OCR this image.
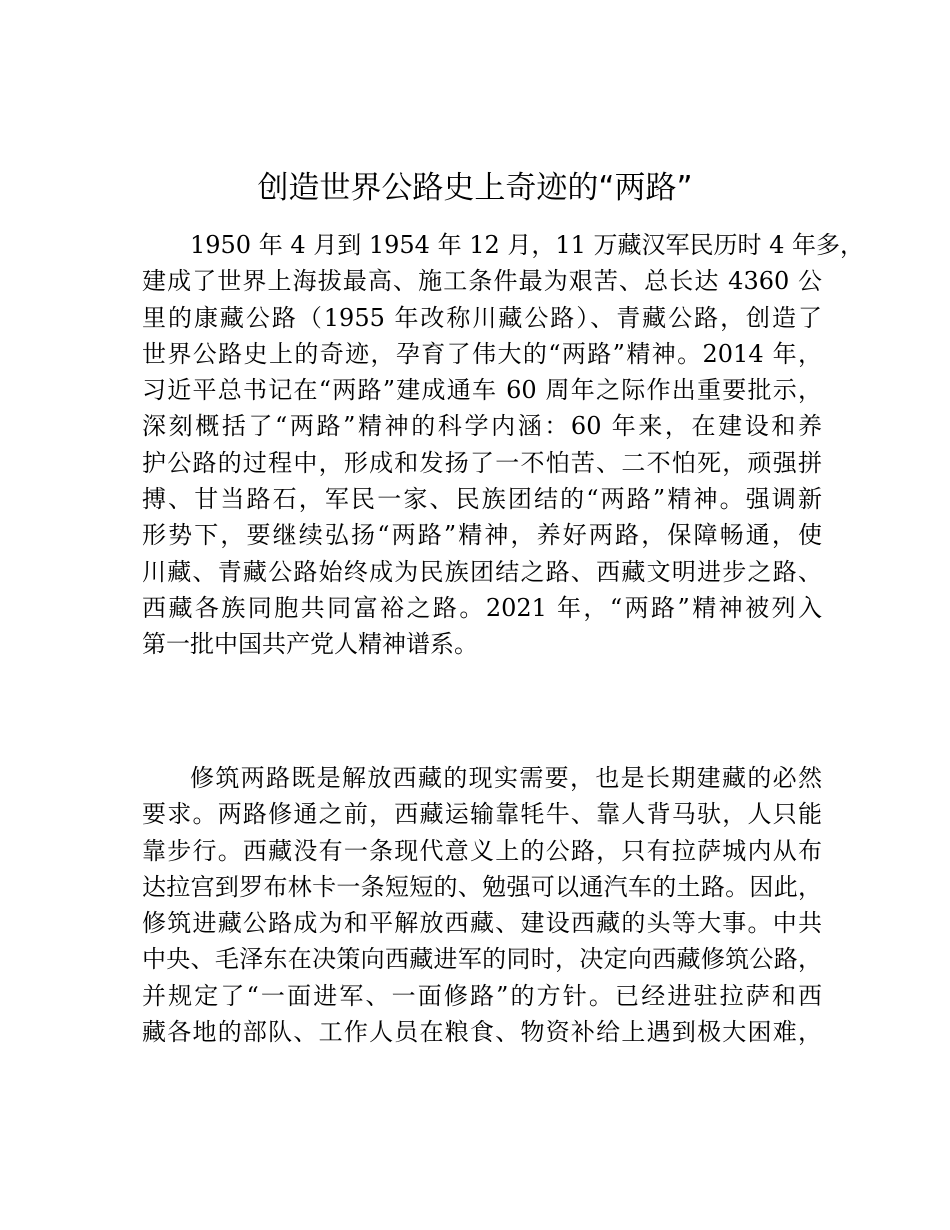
创造世界公路史上奇迹的“两路”
1950 年 4 月到 1954 年 12 月，11 万藏汉军民历时 4 年多，
建成了世界上海拔最高、施工条件最为艰苦、总长达 4360 公
里的康藏公路（1955 年改称川藏公路）、青藏公路，创造了
世界公路史上的奇迹，孕育了伟大的“两路”精神。2014 年，
习近平总书记在“两路”建成通车 60 周年之际作出重要批示，
深刻概括了“两路”精神的科学内涵：60 年来，在建设和养
护公路的过程中，形成和发扬了一不怕苦、二不怕死，顽强拼
搏、甘当路石，军民一家、民族团结的“两路”精神。强调新
形势下，要继续弘扬“两路”精神，养好两路，保障畅通，使
川藏、青藏公路始终成为民族团结之路、西藏文明进步之路、
西藏各族同胞共同富裕之路。2021 年，“两路”精神被列入
第一批中国共产党人精神谱系。
修筑两路既是解放西藏的现实需要，也是长期建藏的必然
要求。两路修通之前，西藏运输靠牦牛、靠人背马驮，人只能
靠步行。西藏没有一条现代意义上的公路，只有拉萨城内从布
达拉宫到罗布林卡一条短短的、勉强可以通汽车的土路。因此，
修筑进藏公路成为和平解放西藏、建设西藏的头等大事。中共
中央、毛泽东在决策向西藏进军的同时，决定向西藏修筑公路，
并规定了“一面进军、一面修路”的方针。已经进驻拉萨和西
藏各地的部队、工作人员在粮食、物资补给上遇到极大困难，
